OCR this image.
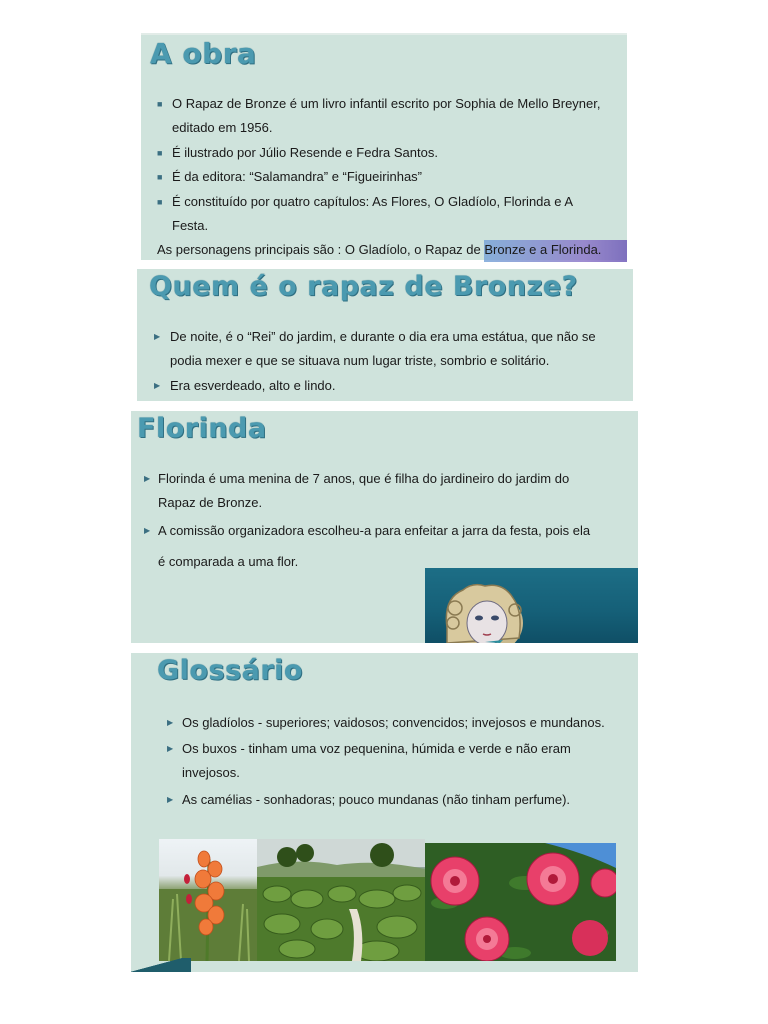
A obra
■ O Rapaz de Bronze é um livro infantil escrito por Sophia de Mello Breyner,
editado em 1956.
■ É ilustrado por Júlio Resende e Fedra Santos.
■ É da editora: “Salamandra” e “Figueirinhas”
■ É constituído por quatro capítulos: As Flores, O Gladíolo, Florinda e A
Festa.
As personagens principais são : O Gladíolo, o Rapaz de Bronze e a Florinda.
Quem é o rapaz de Bronze?
▶ De noite, é o “Rei” do jardim, e durante o dia era uma estátua, que não se
podia mexer e que se situava num lugar triste, sombrio e solitário.
▶ Era esverdeado, alto e lindo.
Florinda
▶ Florinda é uma menina de 7 anos, que é filha do jardineiro do jardim do
Rapaz de Bronze.
▶ A comissão organizadora escolheu-a para enfeitar a jarra da festa, pois ela
é comparada a uma flor.
Glossário
▶ Os gladíolos - superiores; vaidosos; convencidos; invejosos e mundanos.
▶ Os buxos - tinham uma voz pequenina, húmida e verde e não eram
invejosos.
▶ As camélias - sonhadoras; pouco mundanas (não tinham perfume).
